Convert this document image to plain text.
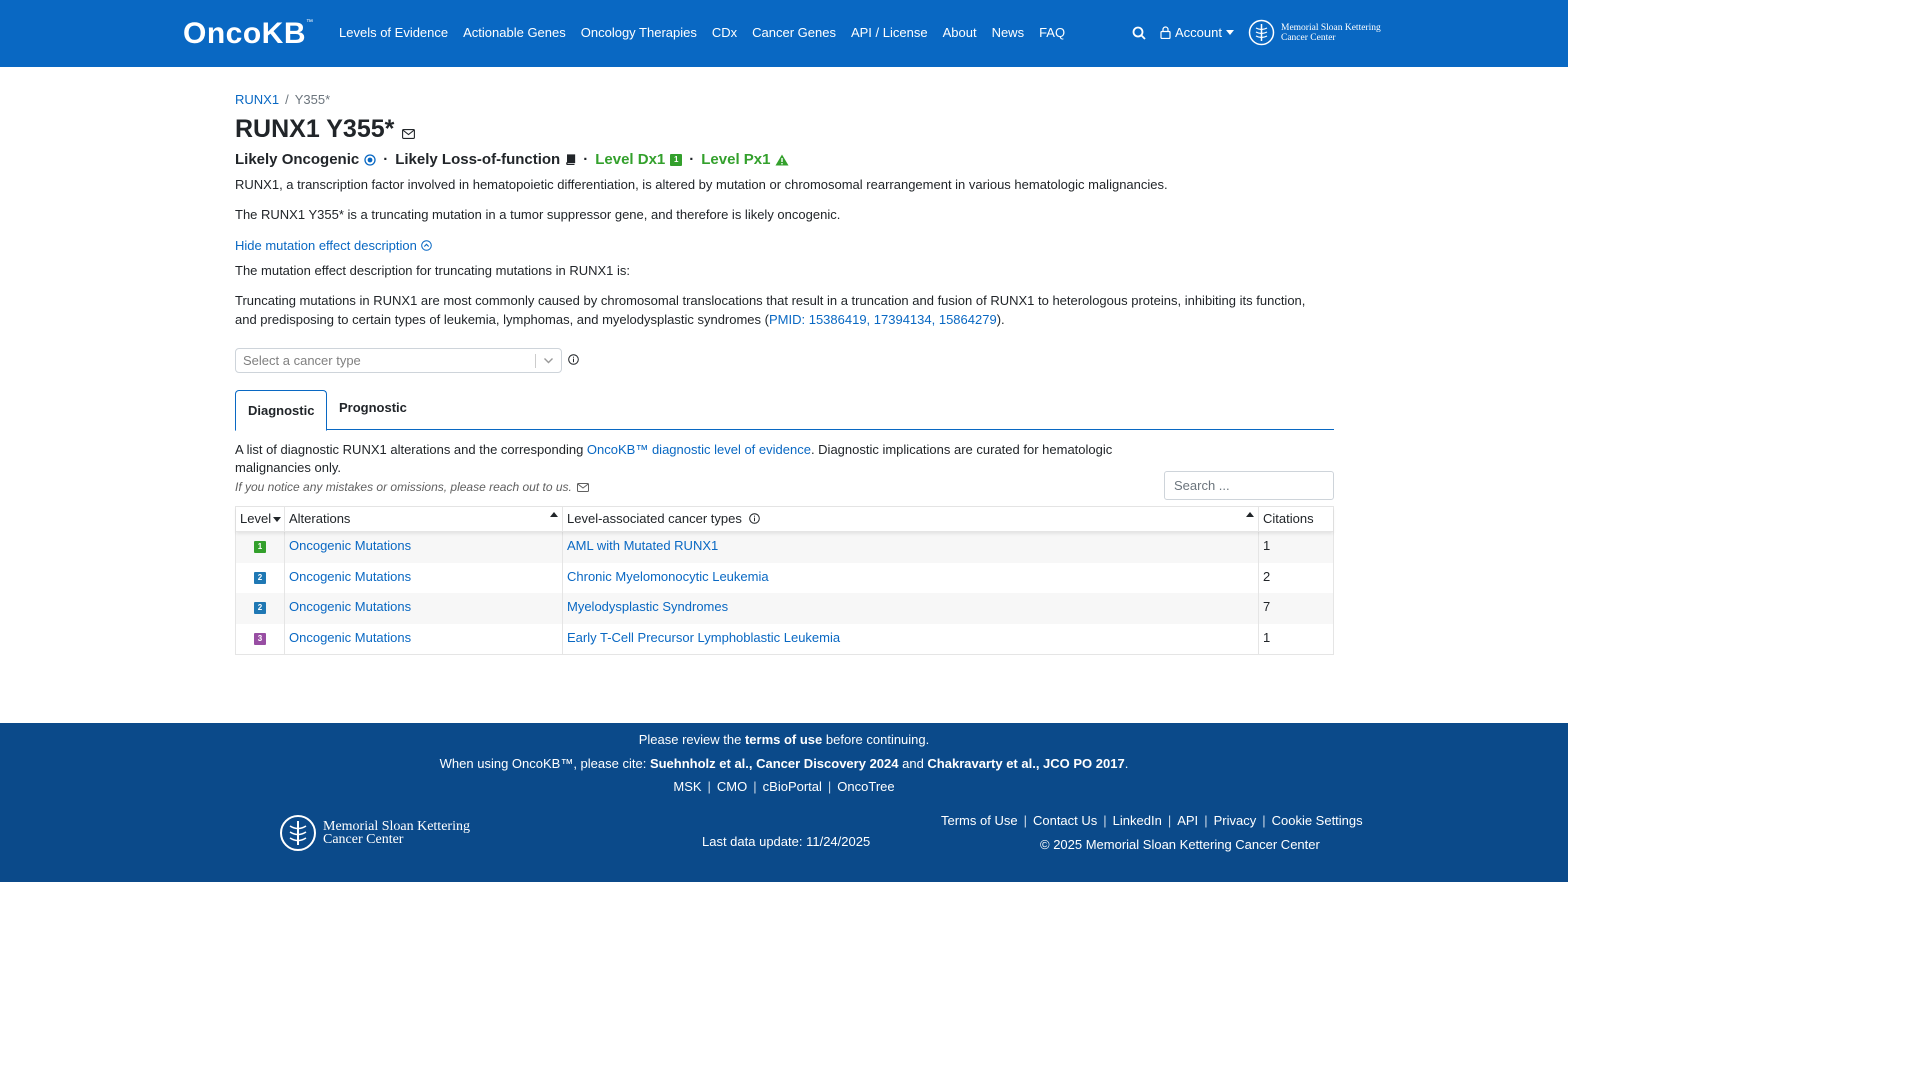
OncoKB™
Levels of Evidence Actionable Genes Oncology Therapies CDx Cancer Genes API / License About News FAQ	Account	Memorial Sloan Kettering
Cancer Center
RUNX1 / Y355*
RUNX1 Y355*
Likely Oncogenic · Likely Loss-of-function · Level Dx1	1 · Level Px1
RUNX1, a transcription factor involved in hematopoietic differentiation, is altered by mutation or chromosomal rearrangement in various hematologic malignancies.
The RUNX1 Y355* is a truncating mutation in a tumor suppressor gene, and therefore is likely oncogenic.
Hide mutation effect description
The mutation effect description for truncating mutations in RUNX1 is:
Truncating mutations in RUNX1 are most commonly caused by chromosomal translocations that result in a truncation and fusion of RUNX1 to heterologous proteins, inhibiting its function, and predisposing to certain types of leukemia, lymphomas, and myelodysplastic syndromes (PMID: 15386419, 17394134, 15864279).
Select a cancer type
Diagnostic	Prognostic
A list of diagnostic RUNX1 alterations and the corresponding OncoKB™ diagnostic level of evidence. Diagnostic implications are curated for hematologic malignancies only.
If you notice any mistakes or omissions, please reach out to us.
Search ...
Level	Alterations	Level-associated cancer types	Citations
1	Oncogenic Mutations	AML with Mutated RUNX1	1
2	Oncogenic Mutations	Chronic Myelomonocytic Leukemia	2
2	Oncogenic Mutations	Myelodysplastic Syndromes	7
3	Oncogenic Mutations	Early T-Cell Precursor Lymphoblastic Leukemia	1
Please review the terms of use before continuing.
When using OncoKB™, please cite: Suehnholz et al., Cancer Discovery 2024 and Chakravarty et al., JCO PO 2017.
MSK | CMO | cBioPortal | OncoTree
Memorial Sloan Kettering
Cancer Center	Last data update: 11/24/2025
Terms of Use | Contact Us | LinkedIn | API | Privacy | Cookie Settings
© 2025 Memorial Sloan Kettering Cancer Center
